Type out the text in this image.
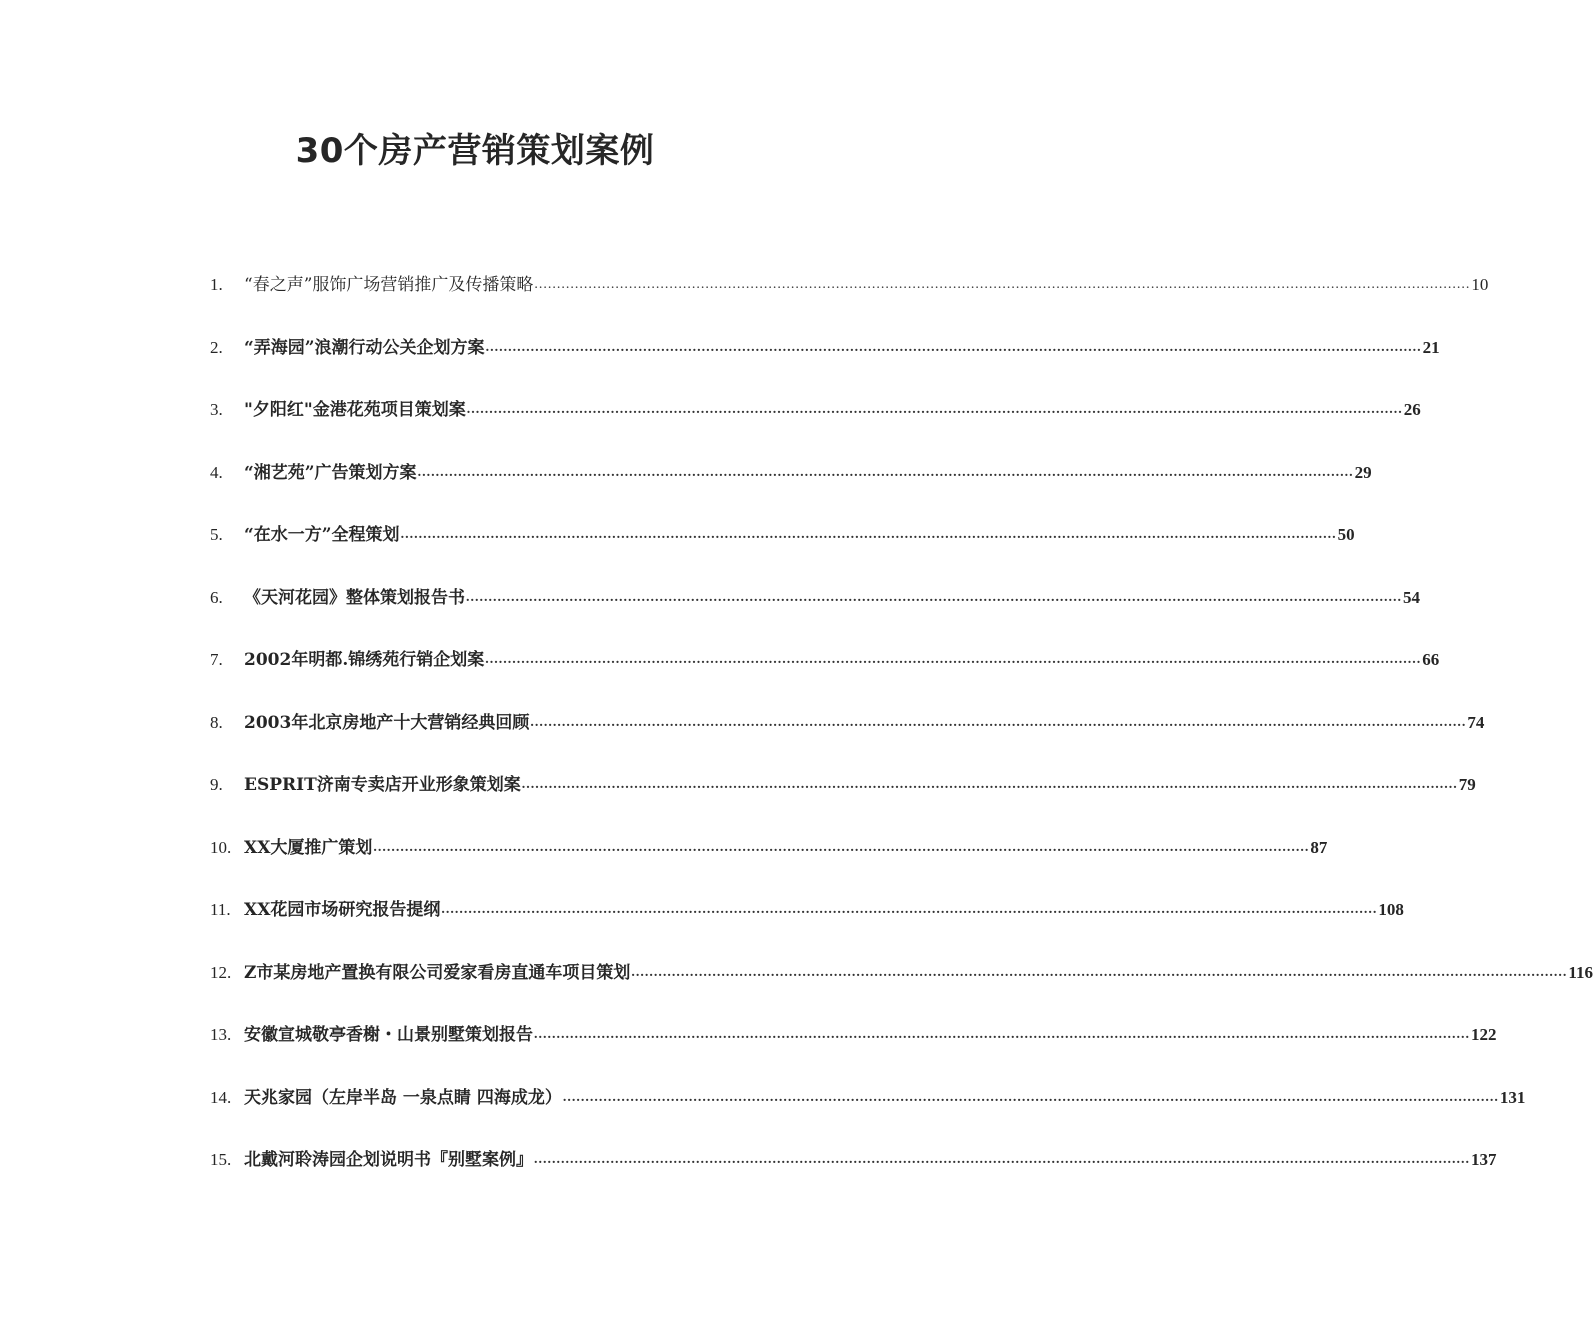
30个房产营销策划案例
1.	“春之声”服饰广场营销推广及传播策略 .....	10
2.	“弄海园”浪潮行动公关企划方案 .....	21
3.	"夕阳红"金港花苑项目策划案 .....	26
4.	“湘艺苑”广告策划方案 .....	29
5.	“在水一方”全程策划 .....	50
6.	《天河花园》整体策划报告书 .....	54
7.	2002年明都.锦绣苑行销企划案 .....	66
8.	2003年北京房地产十大营销经典回顾 .....	74
9.	ESPRIT济南专卖店开业形象策划案 .....	79
10. XX大厦推广策划 .....	87
11. XX花园市场研究报告提纲 .....	108
12. Z市某房地产置换有限公司爱家看房直通车项目策划 .....	116
13. 安徽宣城敬亭香榭・山景别墅策划报告 .....	122
14. 天兆家园（左岸半岛 一泉点睛 四海成龙） .....	131
15. 北戴河聆涛园企划说明书『别墅案例』 .....	137
